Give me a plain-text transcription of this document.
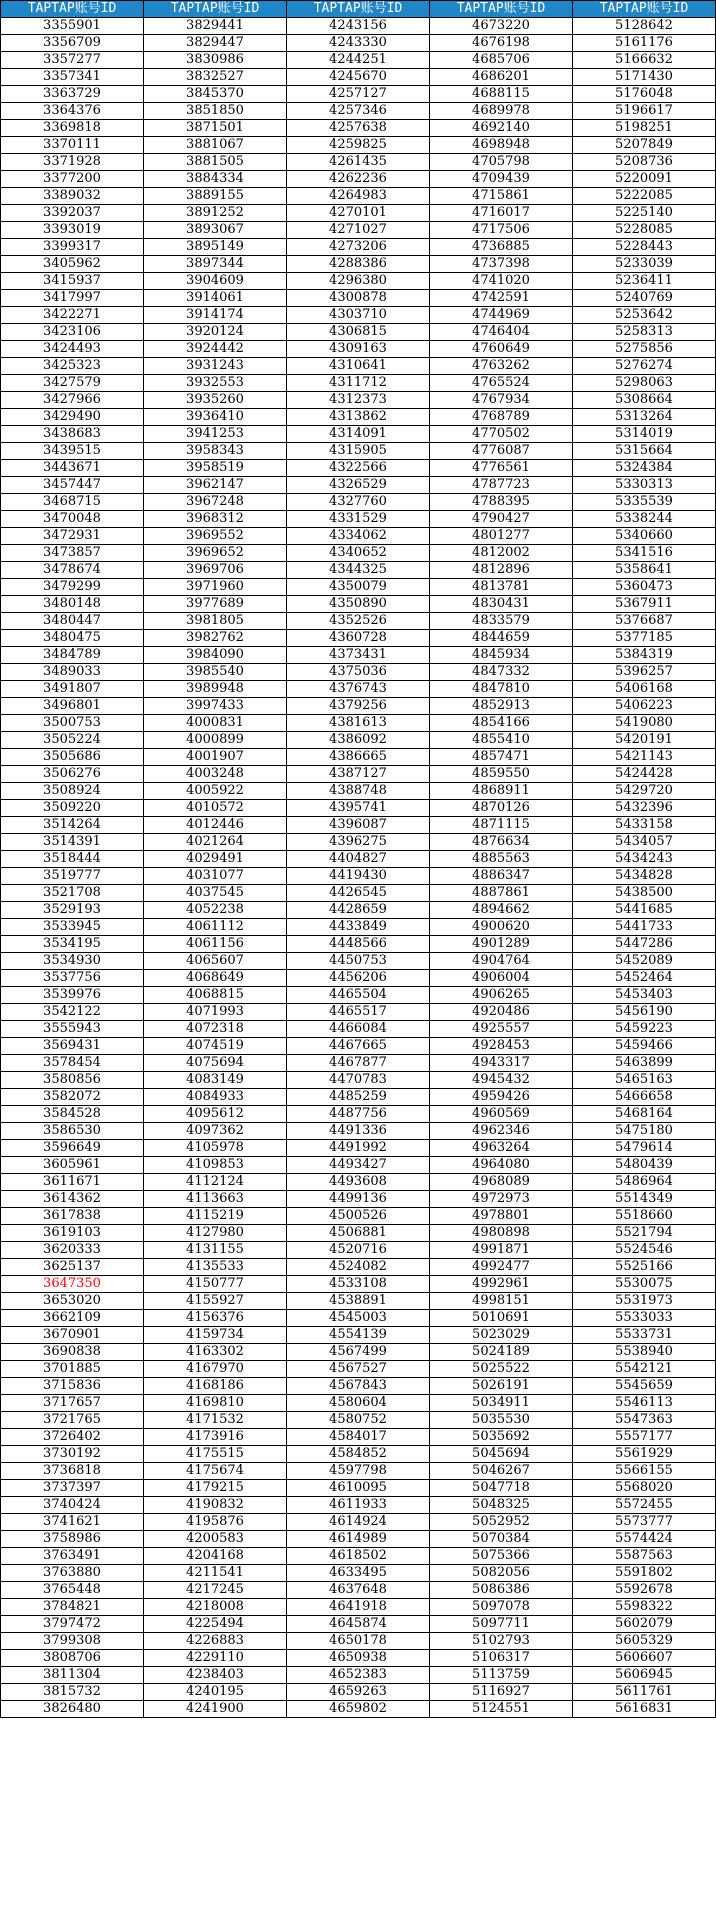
TAPTAP账号ID	TAPTAP账号ID	TAPTAP账号ID	TAPTAP账号ID	TAPTAP账号ID
3355901	3829441	4243156	4673220	5128642
3356709	3829447	4243330	4676198	5161176
3357277	3830986	4244251	4685706	5166632
3357341	3832527	4245670	4686201	5171430
3363729	3845370	4257127	4688115	5176048
3364376	3851850	4257346	4689978	5196617
3369818	3871501	4257638	4692140	5198251
3370111	3881067	4259825	4698948	5207849
3371928	3881505	4261435	4705798	5208736
3377200	3884334	4262236	4709439	5220091
3389032	3889155	4264983	4715861	5222085
3392037	3891252	4270101	4716017	5225140
3393019	3893067	4271027	4717506	5228085
3399317	3895149	4273206	4736885	5228443
3405962	3897344	4288386	4737398	5233039
3415937	3904609	4296380	4741020	5236411
3417997	3914061	4300878	4742591	5240769
3422271	3914174	4303710	4744969	5253642
3423106	3920124	4306815	4746404	5258313
3424493	3924442	4309163	4760649	5275856
3425323	3931243	4310641	4763262	5276274
3427579	3932553	4311712	4765524	5298063
3427966	3935260	4312373	4767934	5308664
3429490	3936410	4313862	4768789	5313264
3438683	3941253	4314091	4770502	5314019
3439515	3958343	4315905	4776087	5315664
3443671	3958519	4322566	4776561	5324384
3457447	3962147	4326529	4787723	5330313
3468715	3967248	4327760	4788395	5335539
3470048	3968312	4331529	4790427	5338244
3472931	3969552	4334062	4801277	5340660
3473857	3969652	4340652	4812002	5341516
3478674	3969706	4344325	4812896	5358641
3479299	3971960	4350079	4813781	5360473
3480148	3977689	4350890	4830431	5367911
3480447	3981805	4352526	4833579	5376687
3480475	3982762	4360728	4844659	5377185
3484789	3984090	4373431	4845934	5384319
3489033	3985540	4375036	4847332	5396257
3491807	3989948	4376743	4847810	5406168
3496801	3997433	4379256	4852913	5406223
3500753	4000831	4381613	4854166	5419080
3505224	4000899	4386092	4855410	5420191
3505686	4001907	4386665	4857471	5421143
3506276	4003248	4387127	4859550	5424428
3508924	4005922	4388748	4868911	5429720
3509220	4010572	4395741	4870126	5432396
3514264	4012446	4396087	4871115	5433158
3514391	4021264	4396275	4876634	5434057
3518444	4029491	4404827	4885563	5434243
3519777	4031077	4419430	4886347	5434828
3521708	4037545	4426545	4887861	5438500
3529193	4052238	4428659	4894662	5441685
3533945	4061112	4433849	4900620	5441733
3534195	4061156	4448566	4901289	5447286
3534930	4065607	4450753	4904764	5452089
3537756	4068649	4456206	4906004	5452464
3539976	4068815	4465504	4906265	5453403
3542122	4071993	4465517	4920486	5456190
3555943	4072318	4466084	4925557	5459223
3569431	4074519	4467665	4928453	5459466
3578454	4075694	4467877	4943317	5463899
3580856	4083149	4470783	4945432	5465163
3582072	4084933	4485259	4959426	5466658
3584528	4095612	4487756	4960569	5468164
3586530	4097362	4491336	4962346	5475180
3596649	4105978	4491992	4963264	5479614
3605961	4109853	4493427	4964080	5480439
3611671	4112124	4493608	4968089	5486964
3614362	4113663	4499136	4972973	5514349
3617838	4115219	4500526	4978801	5518660
3619103	4127980	4506881	4980898	5521794
3620333	4131155	4520716	4991871	5524546
3625137	4135533	4524082	4992477	5525166
3647350	4150777	4533108	4992961	5530075
3653020	4155927	4538891	4998151	5531973
3662109	4156376	4545003	5010691	5533033
3670901	4159734	4554139	5023029	5533731
3690838	4163302	4567499	5024189	5538940
3701885	4167970	4567527	5025522	5542121
3715836	4168186	4567843	5026191	5545659
3717657	4169810	4580604	5034911	5546113
3721765	4171532	4580752	5035530	5547363
3726402	4173916	4584017	5035692	5557177
3730192	4175515	4584852	5045694	5561929
3736818	4175674	4597798	5046267	5566155
3737397	4179215	4610095	5047718	5568020
3740424	4190832	4611933	5048325	5572455
3741621	4195876	4614924	5052952	5573777
3758986	4200583	4614989	5070384	5574424
3763491	4204168	4618502	5075366	5587563
3763880	4211541	4633495	5082056	5591802
3765448	4217245	4637648	5086386	5592678
3784821	4218008	4641918	5097078	5598322
3797472	4225494	4645874	5097711	5602079
3799308	4226883	4650178	5102793	5605329
3808706	4229110	4650938	5106317	5606607
3811304	4238403	4652383	5113759	5606945
3815732	4240195	4659263	5116927	5611761
3826480	4241900	4659802	5124551	5616831
